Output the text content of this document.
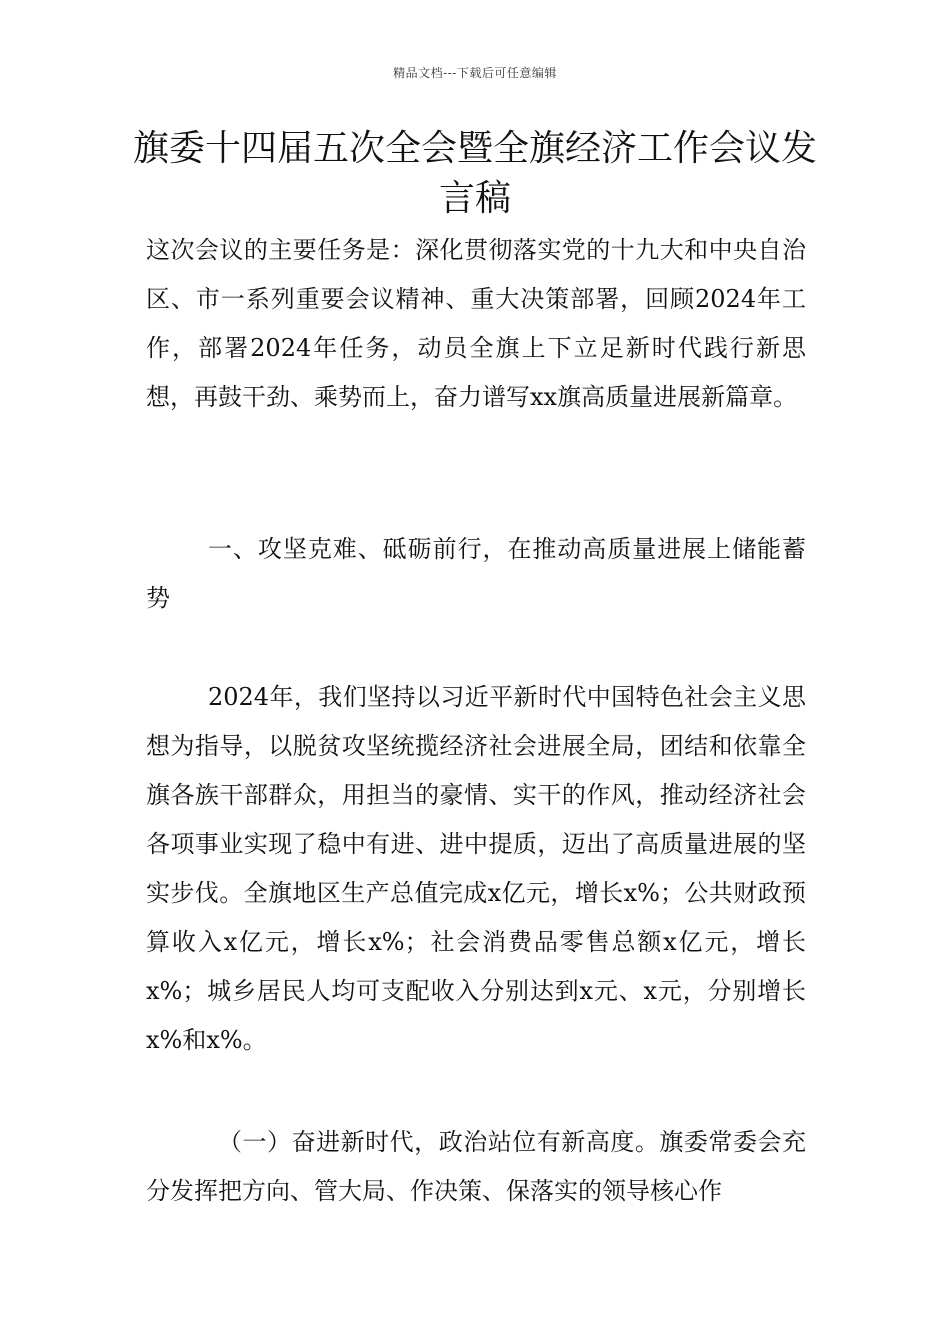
精品文档---下载后可任意编辑
旗委十四届五次全会暨全旗经济工作会议发言稿

这次会议的主要任务是：深化贯彻落实党的十九大和中央自治区、市一系列重要会议精神、重大决策部署，回顾2024年工作，部署2024年任务，动员全旗上下立足新时代践行新思想，再鼓干劲、乘势而上，奋力谱写xx旗高质量进展新篇章。

一、攻坚克难、砥砺前行，在推动高质量进展上储能蓄势

2024年，我们坚持以习近平新时代中国特色社会主义思想为指导，以脱贫攻坚统揽经济社会进展全局，团结和依靠全旗各族干部群众，用担当的豪情、实干的作风，推动经济社会各项事业实现了稳中有进、进中提质，迈出了高质量进展的坚实步伐。全旗地区生产总值完成x亿元，增长x%；公共财政预算收入x亿元，增长x%；社会消费品零售总额x亿元，增长x%；城乡居民人均可支配收入分别达到x元、x元，分别增长x%和x%。

（一）奋进新时代，政治站位有新高度。旗委常委会充分发挥把方向、管大局、作决策、保落实的领导核心作
